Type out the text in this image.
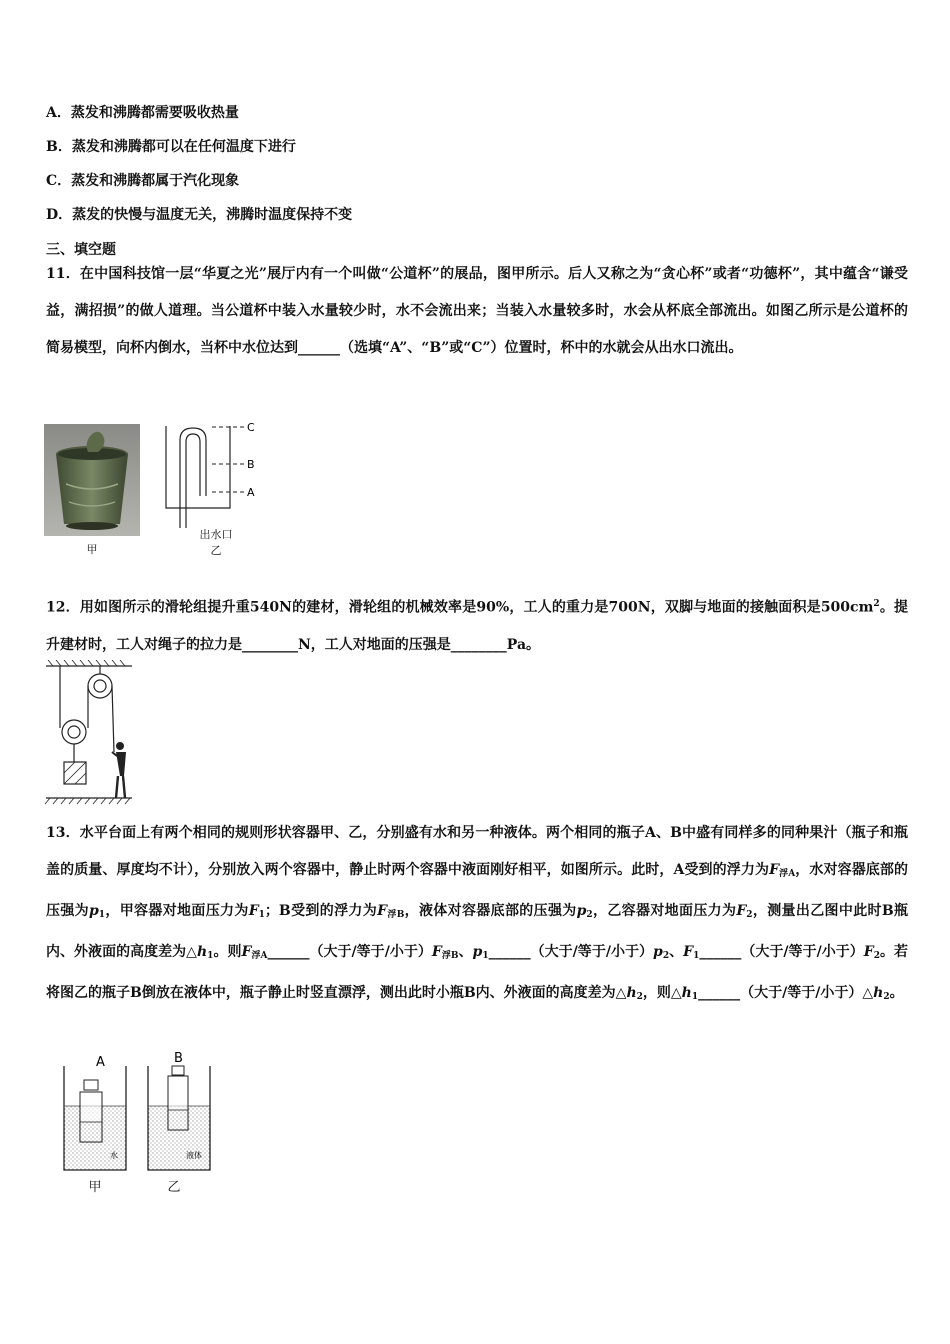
A．蒸发和沸腾都需要吸收热量
B．蒸发和沸腾都可以在任何温度下进行
C．蒸发和沸腾都属于汽化现象
D．蒸发的快慢与温度无关，沸腾时温度保持不变
三、填空题
11．在中国科技馆一层“华夏之光”展厅内有一个叫做“公道杯”的展品，图甲所示。后人又称之为“贪心杯”或者“功德杯”，其中蕴含“谦受益，满招损”的做人道理。当公道杯中装入水量较少时，水不会流出来；当装入水量较多时，水会从杯底全部流出。如图乙所示是公道杯的简易模型，向杯内倒水，当杯中水位达到______（选填“A”、“B”或“C”）位置时，杯中的水就会从出水口流出。
甲
C
B
A
出水口
乙
12．用如图所示的滑轮组提升重540N的建材，滑轮组的机械效率是90%，工人的重力是700N，双脚与地面的接触面积是$500cm^2$。提升建材时，工人对绳子的拉力是________N，工人对地面的压强是________Pa。
13．水平台面上有两个相同的规则形状容器甲、乙，分别盛有水和另一种液体。两个相同的瓶子A、B中盛有同样多的同种果汁（瓶子和瓶盖的质量、厚度均不计），分别放入两个容器中，静止时两个容器中液面刚好相平，如图所示。此时，A受到的浮力为$F_{浮A}$，水对容器底部的压强为$p_1$，甲容器对地面压力为$F_1$；B受到的浮力为$F_{浮B}$，液体对容器底部的压强为$p_2$，乙容器对地面压力为$F_2$，测量出乙图中此时B瓶内、外液面的高度差为$\triangle h_1$。则$F_{浮A}\_\_\_\_\_\_$（大于/等于/小于）$F_{浮B}$、$p_1\_\_\_\_\_\_$（大于/等于/小于）$p_2$、$F_1\_\_\_\_\_\_$（大于/等于/小于）$F_2$。若将图乙的瓶子B倒放在液体中，瓶子静止时竖直漂浮，测出此时小瓶B内、外液面的高度差为$\triangle h_2$，则$\triangle h_1\_\_\_\_\_\_$（大于/等于/小于）$\triangle h_2$。
A
水
B
液体
甲	乙
